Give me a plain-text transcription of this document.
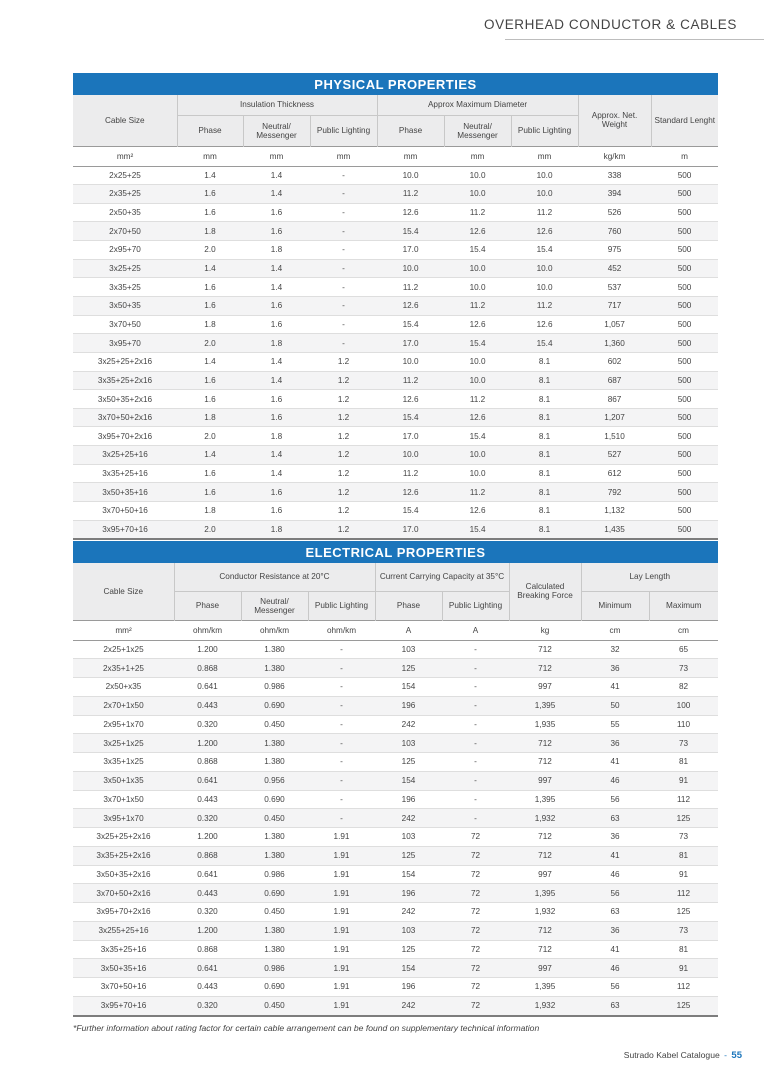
OVERHEAD CONDUCTOR & CABLES
PHYSICAL PROPERTIES
Cable Size	Insulation Thickness			Approx Maximum Diameter			Approx. Net. Weight	Standard Lenght
	Phase	Neutral/ Messenger	Public Lighting	Phase	Neutral/ Messenger	Public Lighting		
mm²	mm	mm	mm	mm	mm	mm	kg/km	m
2x25+25	1.4	1.4	-	10.0	10.0	10.0	338	500
2x35+25	1.6	1.4	-	11.2	10.0	10.0	394	500
2x50+35	1.6	1.6	-	12.6	11.2	11.2	526	500
2x70+50	1.8	1.6	-	15.4	12.6	12.6	760	500
2x95+70	2.0	1.8	-	17.0	15.4	15.4	975	500
3x25+25	1.4	1.4	-	10.0	10.0	10.0	452	500
3x35+25	1.6	1.4	-	11.2	10.0	10.0	537	500
3x50+35	1.6	1.6	-	12.6	11.2	11.2	717	500
3x70+50	1.8	1.6	-	15.4	12.6	12.6	1,057	500
3x95+70	2.0	1.8	-	17.0	15.4	15.4	1,360	500
3x25+25+2x16	1.4	1.4	1.2	10.0	10.0	8.1	602	500
3x35+25+2x16	1.6	1.4	1.2	11.2	10.0	8.1	687	500
3x50+35+2x16	1.6	1.6	1.2	12.6	11.2	8.1	867	500
3x70+50+2x16	1.8	1.6	1.2	15.4	12.6	8.1	1,207	500
3x95+70+2x16	2.0	1.8	1.2	17.0	15.4	8.1	1,510	500
3x25+25+16	1.4	1.4	1.2	10.0	10.0	8.1	527	500
3x35+25+16	1.6	1.4	1.2	11.2	10.0	8.1	612	500
3x50+35+16	1.6	1.6	1.2	12.6	11.2	8.1	792	500
3x70+50+16	1.8	1.6	1.2	15.4	12.6	8.1	1,132	500
3x95+70+16	2.0	1.8	1.2	17.0	15.4	8.1	1,435	500
ELECTRICAL PROPERTIES
Cable Size	Conductor Resistance at 20°C			Current Carrying Capacity at 35°C		Calculated Breaking Force	Lay Length	
	Phase	Neutral/ Messenger	Public Lighting	Phase	Public Lighting		Minimum	Maximum
mm²	ohm/km	ohm/km	ohm/km	A	A	kg	cm	cm
2x25+1x25	1.200	1.380	-	103	-	712	32	65
2x35+1+25	0.868	1.380	-	125	-	712	36	73
2x50+x35	0.641	0.986	-	154	-	997	41	82
2x70+1x50	0.443	0.690	-	196	-	1,395	50	100
2x95+1x70	0.320	0.450	-	242	-	1,935	55	110
3x25+1x25	1.200	1.380	-	103	-	712	36	73
3x35+1x25	0.868	1.380	-	125	-	712	41	81
3x50+1x35	0.641	0.956	-	154	-	997	46	91
3x70+1x50	0.443	0.690	-	196	-	1,395	56	112
3x95+1x70	0.320	0.450	-	242	-	1,932	63	125
3x25+25+2x16	1.200	1.380	1.91	103	72	712	36	73
3x35+25+2x16	0.868	1.380	1.91	125	72	712	41	81
3x50+35+2x16	0.641	0.986	1.91	154	72	997	46	91
3x70+50+2x16	0.443	0.690	1.91	196	72	1,395	56	112
3x95+70+2x16	0.320	0.450	1.91	242	72	1,932	63	125
3x255+25+16	1.200	1.380	1.91	103	72	712	36	73
3x35+25+16	0.868	1.380	1.91	125	72	712	41	81
3x50+35+16	0.641	0.986	1.91	154	72	997	46	91
3x70+50+16	0.443	0.690	1.91	196	72	1,395	56	112
3x95+70+16	0.320	0.450	1.91	242	72	1,932	63	125
*Further information about rating factor for certain cable arrangement can be found on supplementary technical information
Sutrado Kabel Catalogue - 55
